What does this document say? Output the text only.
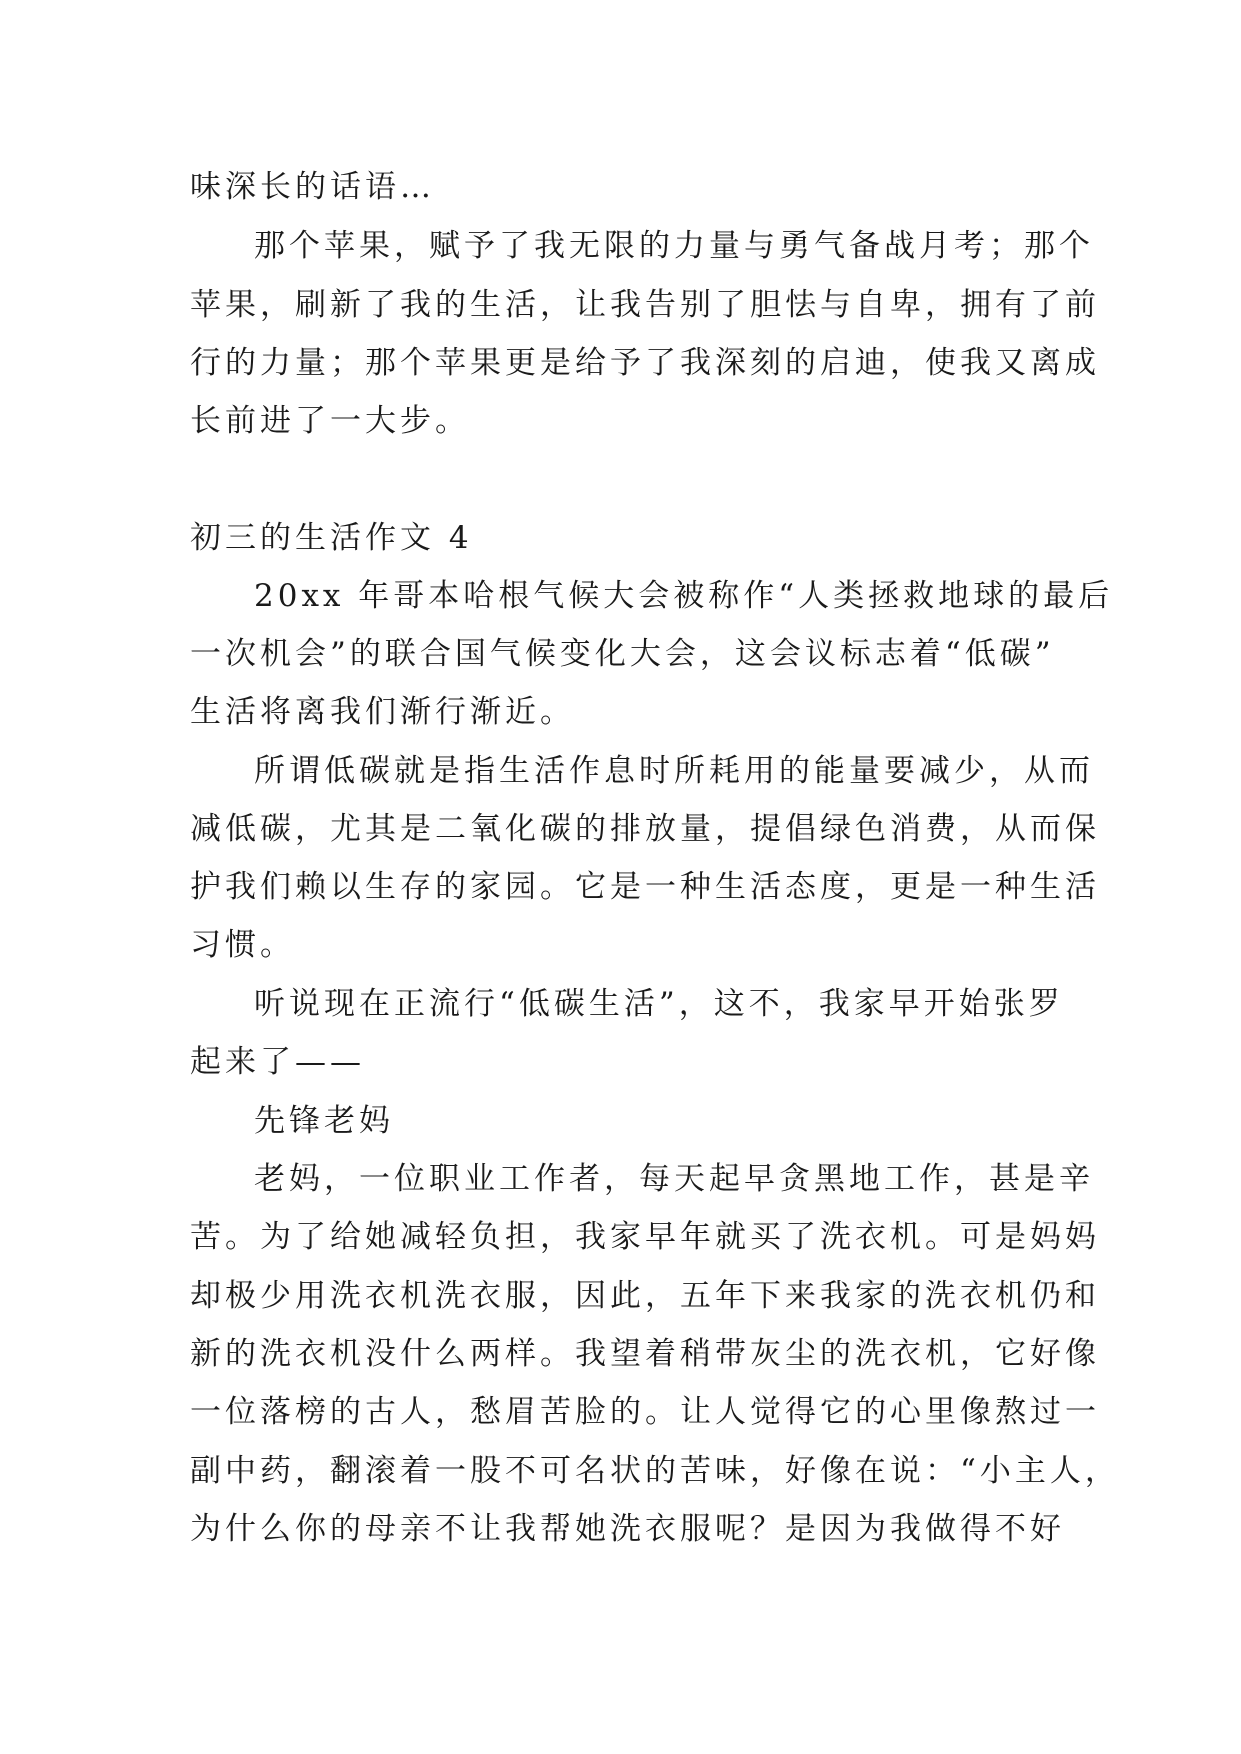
味深长的话语…

那个苹果，赋予了我无限的力量与勇气备战月考；那个

苹果，刷新了我的生活，让我告别了胆怯与自卑，拥有了前

行的力量；那个苹果更是给予了我深刻的启迪，使我又离成

长前进了一大步。

初三的生活作文 4

20xx 年哥本哈根气候大会被称作“人类拯救地球的最后

一次机会”的联合国气候变化大会，这会议标志着“低碳”

生活将离我们渐行渐近。

所谓低碳就是指生活作息时所耗用的能量要减少，从而

减低碳，尤其是二氧化碳的排放量，提倡绿色消费，从而保

护我们赖以生存的家园。它是一种生活态度，更是一种生活

习惯。

听说现在正流行“低碳生活”，这不，我家早开始张罗

起来了——

先锋老妈

老妈，一位职业工作者，每天起早贪黑地工作，甚是辛

苦。为了给她减轻负担，我家早年就买了洗衣机。可是妈妈

却极少用洗衣机洗衣服，因此，五年下来我家的洗衣机仍和

新的洗衣机没什么两样。我望着稍带灰尘的洗衣机，它好像

一位落榜的古人，愁眉苦脸的。让人觉得它的心里像熬过一

副中药，翻滚着一股不可名状的苦味，好像在说：“小主人，

为什么你的母亲不让我帮她洗衣服呢？是因为我做得不好
